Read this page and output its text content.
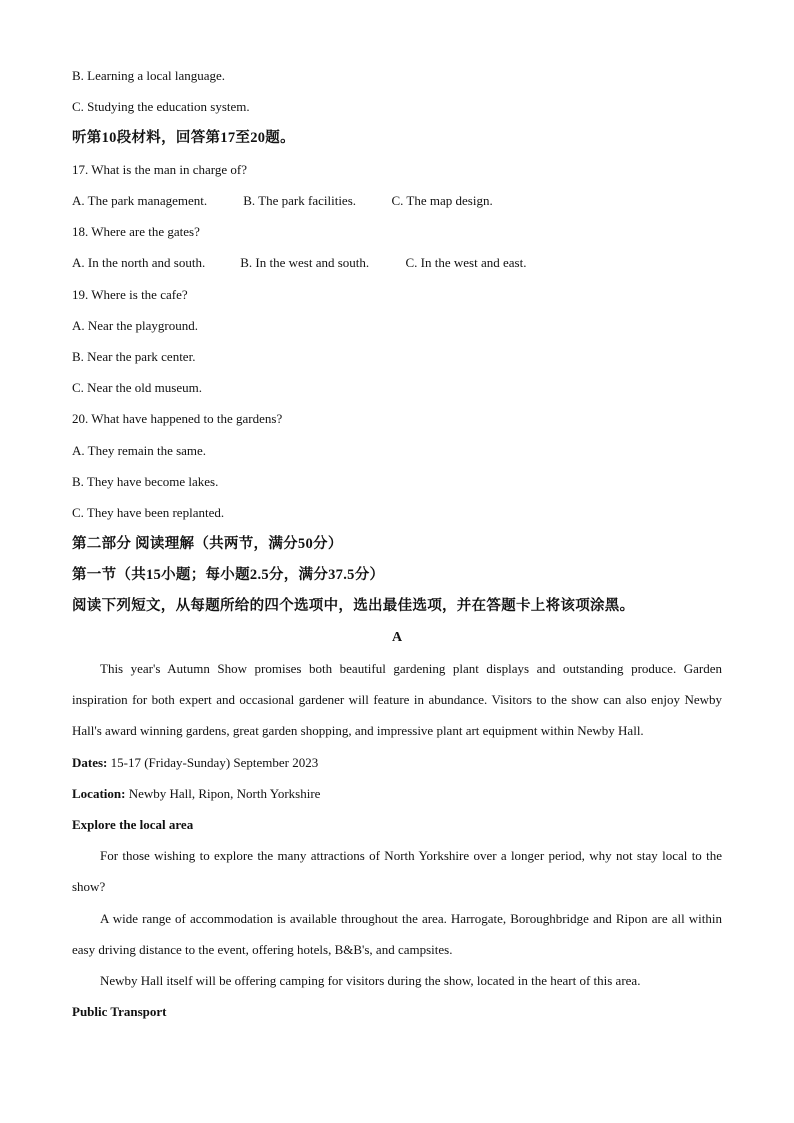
B. Learning a local language.
C. Studying the education system.
听第10段材料，回答第17至20题。
17. What is the man in charge of?
A. The park management.	B. The park facilities.	C. The map design.
18. Where are the gates?
A. In the north and south.	B. In the west and south.	C. In the west and east.
19. Where is the cafe?
A. Near the playground.
B. Near the park center.
C. Near the old museum.
20. What have happened to the gardens?
A. They remain the same.
B. They have become lakes.
C. They have been replanted.
第二部分 阅读理解（共两节，满分50分）
第一节（共15小题；每小题2.5分，满分37.5分）
阅读下列短文，从每题所给的四个选项中，选出最佳选项，并在答题卡上将该项涂黑。
A
This year's Autumn Show promises both beautiful gardening plant displays and outstanding produce. Garden inspiration for both expert and occasional gardener will feature in abundance. Visitors to the show can also enjoy Newby Hall's award winning gardens, great garden shopping, and impressive plant art equipment within Newby Hall.
Dates: 15-17 (Friday-Sunday) September 2023
Location: Newby Hall, Ripon, North Yorkshire
Explore the local area
For those wishing to explore the many attractions of North Yorkshire over a longer period, why not stay local to the show?
A wide range of accommodation is available throughout the area. Harrogate, Boroughbridge and Ripon are all within easy driving distance to the event, offering hotels, B&B's, and campsites.
Newby Hall itself will be offering camping for visitors during the show, located in the heart of this area.
Public Transport
